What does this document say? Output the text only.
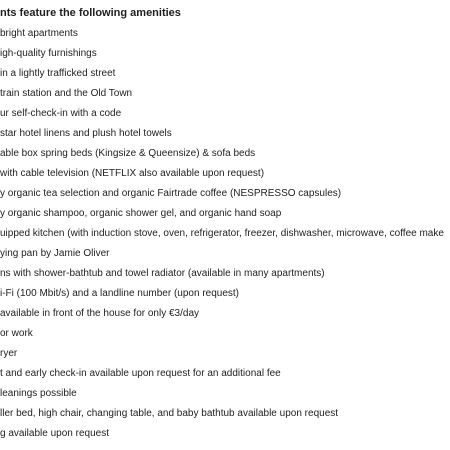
nts feature the following amenities
bright apartments
igh-quality furnishings
in a lightly trafficked street
train station and the Old Town
ur self-check-in with a code
star hotel linens and plush hotel towels
able box spring beds (Kingsize & Queensize) & sofa beds
with cable television (NETFLIX also available upon request)
y organic tea selection and organic Fairtrade coffee (NESPRESSO capsules)
y organic shampoo, organic shower gel, and organic hand soap
uipped kitchen (with induction stove, oven, refrigerator, freezer, dishwasher, microwave, coffee make
ying pan by Jamie Oliver
ns with shower-bathtub and towel radiator (available in many apartments)
i-Fi (100 Mbit/s) and a landline number (upon request)
available in front of the house for only €3/day
or work
ryer
t and early check-in available upon request for an additional fee
leanings possible
ller bed, high chair, changing table, and baby bathtub available upon request
g available upon request
